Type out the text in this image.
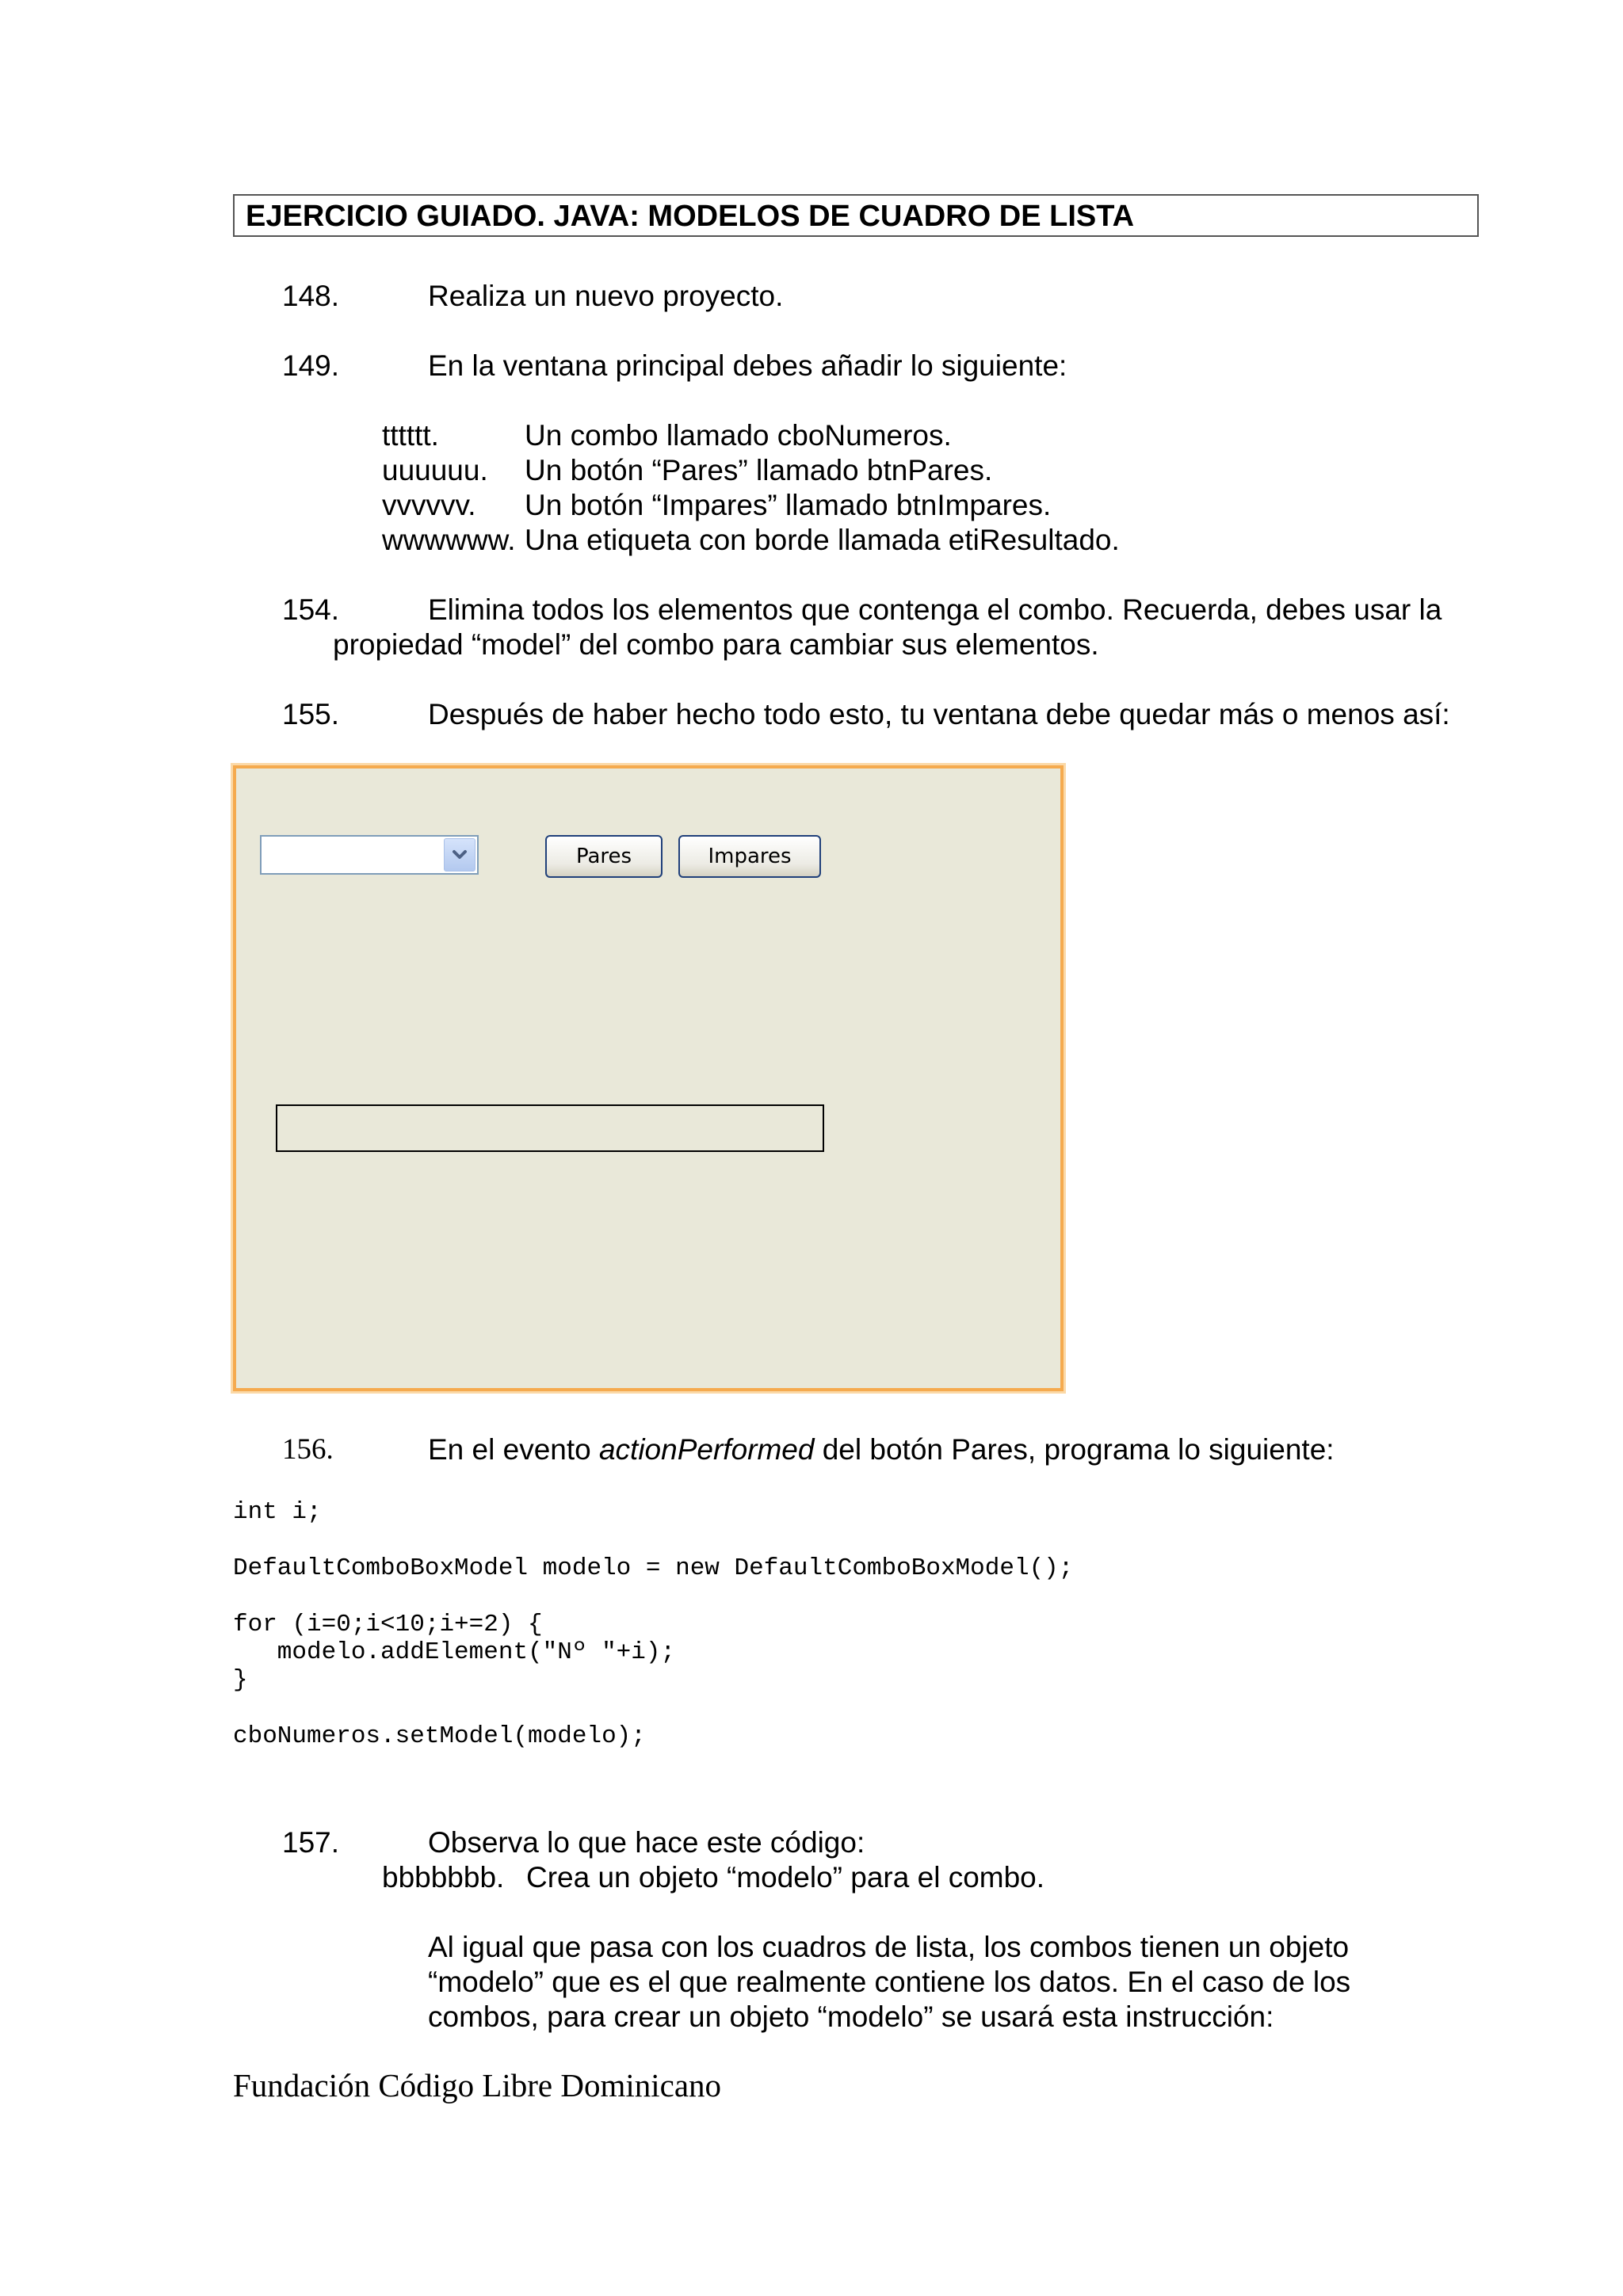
EJERCICIO GUIADO. JAVA: MODELOS DE CUADRO DE LISTA
148.	Realiza un nuevo proyecto.
149.	En la ventana principal debes añadir lo siguiente:
tttttt.	Un combo llamado cboNumeros.
uuuuuu. Un botón “Pares” llamado btnPares.
vvvvvv. Un botón “Impares” llamado btnImpares.
wwwwww. Una etiqueta con borde llamada etiResultado.
154.	Elimina todos los elementos que contenga el combo. Recuerda, debes usar la
propiedad “model” del combo para cambiar sus elementos.
155.	Después de haber hecho todo esto, tu ventana debe quedar más o menos así:
Pares	Impares
156.	En el evento actionPerformed del botón Pares, programa lo siguiente:
int i;
DefaultComboBoxModel modelo = new DefaultComboBoxModel();
for (i=0;i<10;i+=2) {
modelo.addElement("Nº "+i);
}
cboNumeros.setModel(modelo);
157.	Observa lo que hace este código:
bbbbbbb. Crea un objeto “modelo” para el combo.
Al igual que pasa con los cuadros de lista, los combos tienen un objeto
“modelo” que es el que realmente contiene los datos. En el caso de los
combos, para crear un objeto “modelo” se usará esta instrucción:
Fundación Código Libre Dominicano
